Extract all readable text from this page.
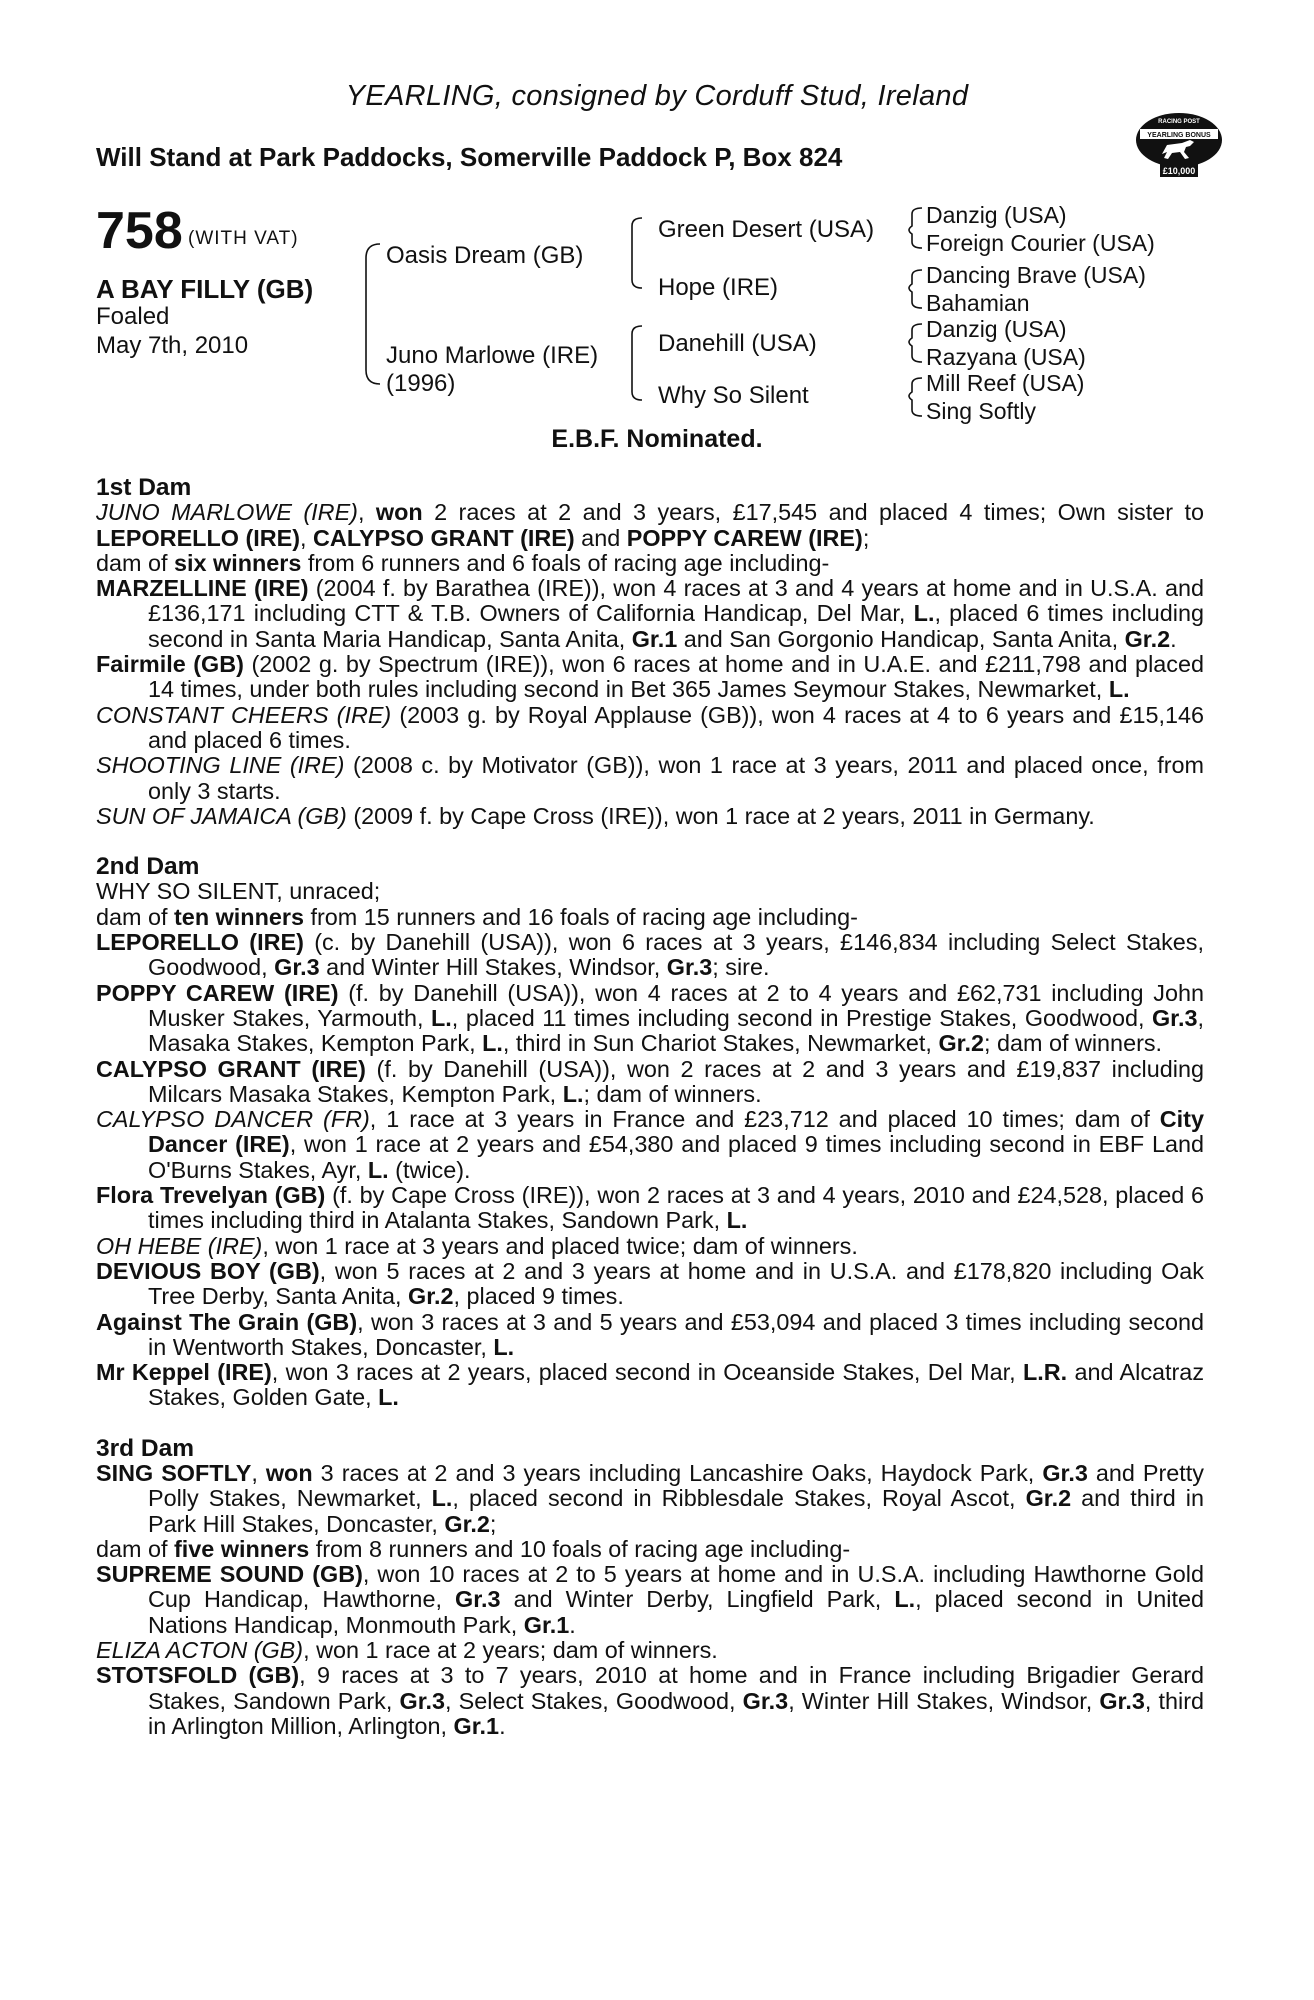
YEARLING, consigned by Corduff Stud, Ireland
Will Stand at Park Paddocks, Somerville Paddock P, Box 824
RACING POST
YEARLING BONUS
£10,000
758 (WITH VAT)
A BAY FILLY (GB)
Foaled
May 7th, 2010
Oasis Dream (GB)
Juno Marlowe (IRE)
(1996)
Green Desert (USA)
Hope (IRE)
Danehill (USA)
Why So Silent
Danzig (USA)
Foreign Courier (USA)
Dancing Brave (USA)
Bahamian
Danzig (USA)
Razyana (USA)
Mill Reef (USA)
Sing Softly
E.B.F. Nominated.

1st Dam

JUNO MARLOWE (IRE), won 2 races at 2 and 3 years, £17,545 and placed 4 times; Own sister to LEPORELLO (IRE), CALYPSO GRANT (IRE) and POPPY CAREW (IRE);

dam of six winners from 6 runners and 6 foals of racing age including-

MARZELLINE (IRE) (2004 f. by Barathea (IRE)), won 4 races at 3 and 4 years at home and in U.S.A. and £136,171 including CTT & T.B. Owners of California Handicap, Del Mar, L., placed 6 times including second in Santa Maria Handicap, Santa Anita, Gr.1 and San Gorgonio Handicap, Santa Anita, Gr.2.

Fairmile (GB) (2002 g. by Spectrum (IRE)), won 6 races at home and in U.A.E. and £211,798 and placed 14 times, under both rules including second in Bet 365 James Seymour Stakes, Newmarket, L.

CONSTANT CHEERS (IRE) (2003 g. by Royal Applause (GB)), won 4 races at 4 to 6 years and £15,146 and placed 6 times.

SHOOTING LINE (IRE) (2008 c. by Motivator (GB)), won 1 race at 3 years, 2011 and placed once, from only 3 starts.

SUN OF JAMAICA (GB) (2009 f. by Cape Cross (IRE)), won 1 race at 2 years, 2011 in Germany.

2nd Dam

WHY SO SILENT, unraced;

dam of ten winners from 15 runners and 16 foals of racing age including-

LEPORELLO (IRE) (c. by Danehill (USA)), won 6 races at 3 years, £146,834 including Select Stakes, Goodwood, Gr.3 and Winter Hill Stakes, Windsor, Gr.3; sire.

POPPY CAREW (IRE) (f. by Danehill (USA)), won 4 races at 2 to 4 years and £62,731 including John Musker Stakes, Yarmouth, L., placed 11 times including second in Prestige Stakes, Goodwood, Gr.3, Masaka Stakes, Kempton Park, L., third in Sun Chariot Stakes, Newmarket, Gr.2; dam of winners.

CALYPSO GRANT (IRE) (f. by Danehill (USA)), won 2 races at 2 and 3 years and £19,837 including Milcars Masaka Stakes, Kempton Park, L.; dam of winners.

CALYPSO DANCER (FR), 1 race at 3 years in France and £23,712 and placed 10 times; dam of City Dancer (IRE), won 1 race at 2 years and £54,380 and placed 9 times including second in EBF Land O'Burns Stakes, Ayr, L. (twice).

Flora Trevelyan (GB) (f. by Cape Cross (IRE)), won 2 races at 3 and 4 years, 2010 and £24,528, placed 6 times including third in Atalanta Stakes, Sandown Park, L.

OH HEBE (IRE), won 1 race at 3 years and placed twice; dam of winners.

DEVIOUS BOY (GB), won 5 races at 2 and 3 years at home and in U.S.A. and £178,820 including Oak Tree Derby, Santa Anita, Gr.2, placed 9 times.

Against The Grain (GB), won 3 races at 3 and 5 years and £53,094 and placed 3 times including second in Wentworth Stakes, Doncaster, L.

Mr Keppel (IRE), won 3 races at 2 years, placed second in Oceanside Stakes, Del Mar, L.R. and Alcatraz Stakes, Golden Gate, L.

3rd Dam

SING SOFTLY, won 3 races at 2 and 3 years including Lancashire Oaks, Haydock Park, Gr.3 and Pretty Polly Stakes, Newmarket, L., placed second in Ribblesdale Stakes, Royal Ascot, Gr.2 and third in Park Hill Stakes, Doncaster, Gr.2;

dam of five winners from 8 runners and 10 foals of racing age including-

SUPREME SOUND (GB), won 10 races at 2 to 5 years at home and in U.S.A. including Hawthorne Gold Cup Handicap, Hawthorne, Gr.3 and Winter Derby, Lingfield Park, L., placed second in United Nations Handicap, Monmouth Park, Gr.1.

ELIZA ACTON (GB), won 1 race at 2 years; dam of winners.

STOTSFOLD (GB), 9 races at 3 to 7 years, 2010 at home and in France including Brigadier Gerard Stakes, Sandown Park, Gr.3, Select Stakes, Goodwood, Gr.3, Winter Hill Stakes, Windsor, Gr.3, third in Arlington Million, Arlington, Gr.1.
